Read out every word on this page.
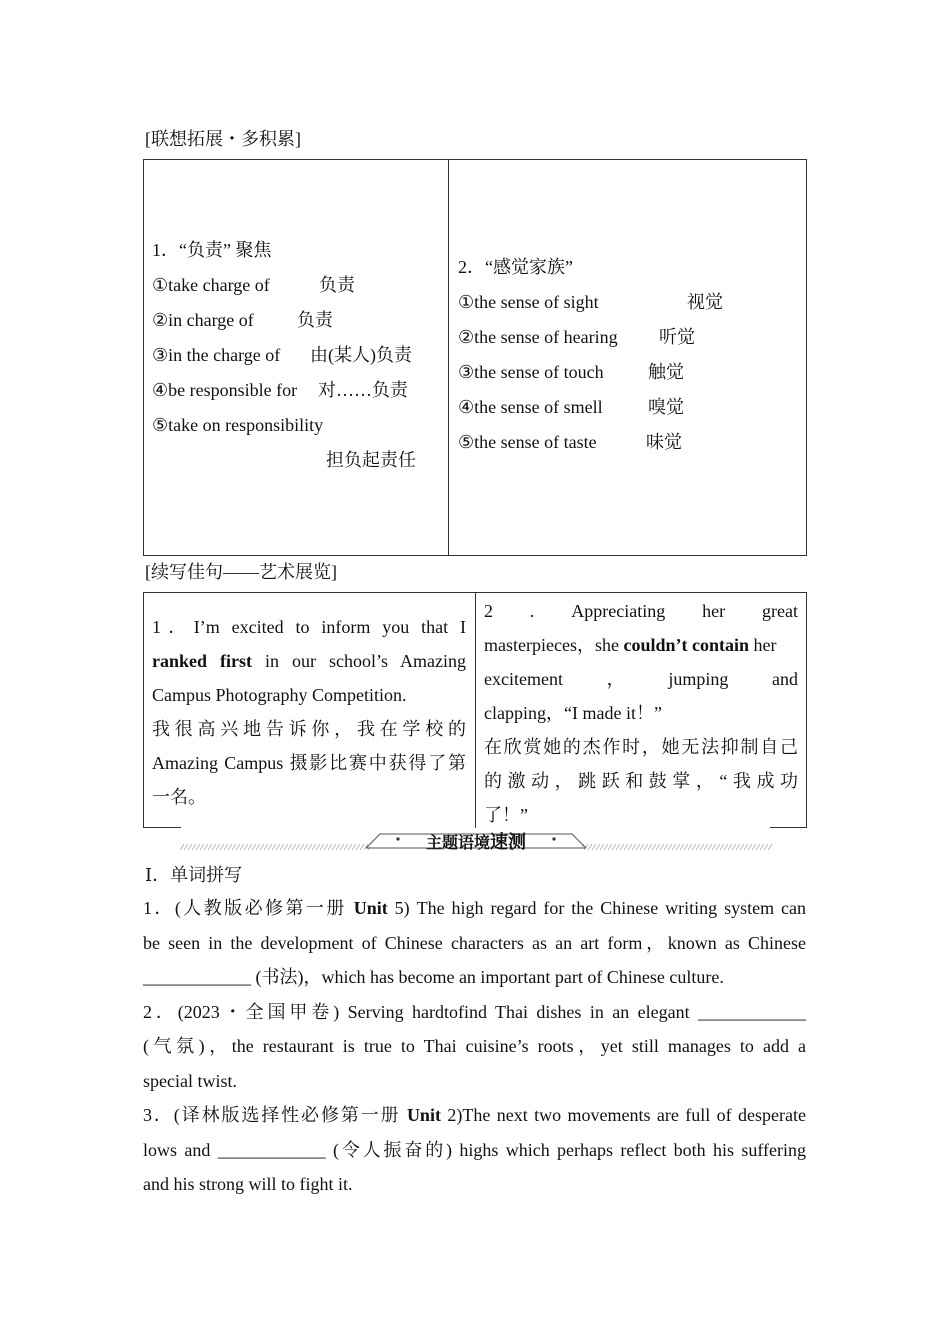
[联想拓展・多积累]
1．“负责” 聚焦
①take charge of	负责
②in charge of 负责
③in the charge of 由(某人)负责
④be responsible for 对……负责
⑤take on responsibility
担负起责任
2．“感觉家族”
①the sense of sight	视觉
②the sense of hearing 听觉
③the sense of touch 触觉
④the sense of smell	嗅觉
⑤the sense of taste	味觉
[续写佳句——艺术展览]
1．I’m excited to inform you that I
ranked first in our school’s Amazing
Campus Photography Competition.
我很高兴地告诉你，我在学校的
Amazing Campus 摄影比赛中获得了第
一名。
2 . Appreciating her great
masterpieces，she couldn’t contain her
excitement ， jumping and
clapping，“I made it！”
在欣赏她的杰作时，她无法抑制自己
的激动，跳跃和鼓掌，“我成功
了！”
主题语境速测
Ⅰ．单词拼写
1．(人教版必修第一册 Unit 5) The high regard for the Chinese writing system can
be seen in the development of Chinese characters as an art form，known as Chinese
____________ (书法)，which has become an important part of Chinese culture.
2．(2023・全国甲卷) Serving hardtofind Thai dishes in an elegant ____________
(气氛)，the restaurant is true to Thai cuisine’s roots，yet still manages to add a
special twist.
3．(译林版选择性必修第一册 Unit 2)The next two movements are full of desperate
lows and ____________ (令人振奋的) highs which perhaps reflect both his suffering
and his strong will to fight it.
